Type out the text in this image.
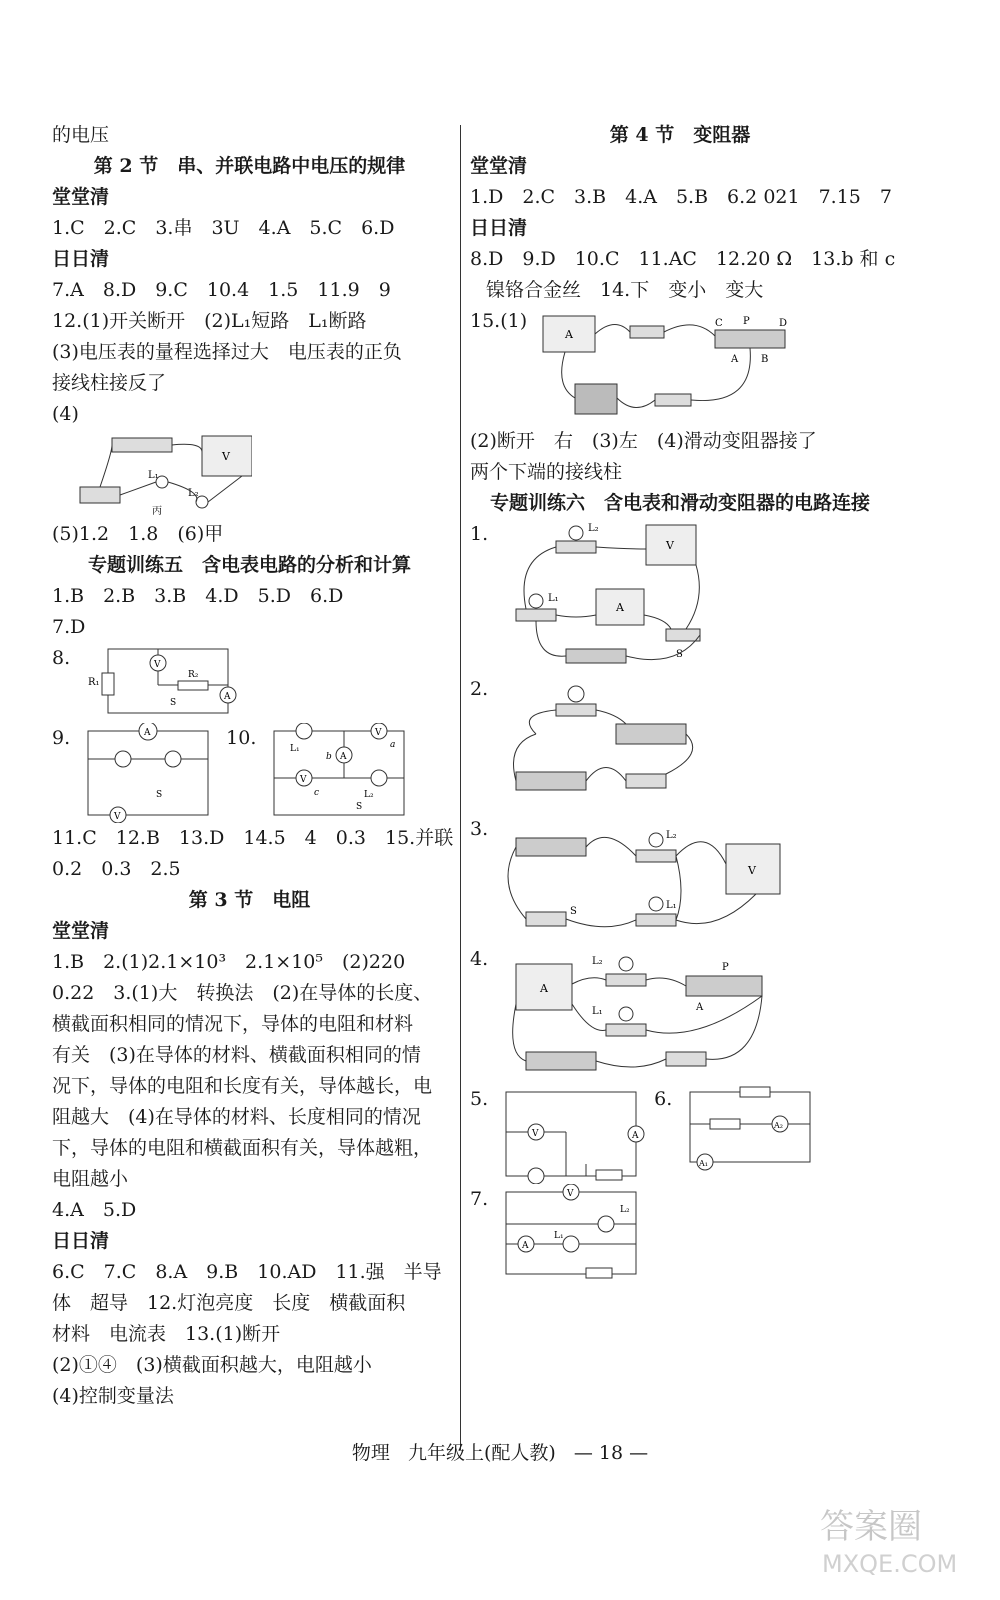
的电压
第 2 节　串、并联电路中电压的规律
堂堂清
1.C　2.C　3.串　3U　4.A　5.C　6.D
日日清
7.A　8.D　9.C　10.4　1.5　11.9　9
12.(1)开关断开　(2)L₁短路　L₁断路
(3)电压表的量程选择过大　电压表的正负
接线柱接反了
(4)
V
L₁
L₂
丙
(5)1.2　1.8　(6)甲
专题训练五　含电表电路的分析和计算
1.B　2.B　3.B　4.D　5.D　6.D
7.D
8.
R₁
V
R₂
A
S
9.	A
V
S
10.	L₁
V
a
A
b
V
c	L₂
S
11.C　12.B　13.D　14.5　4　0.3　15.并联
0.2　0.3　2.5
第 3 节　电阻
堂堂清
1.B　2.(1)2.1×10³　2.1×10⁵　(2)220
0.22　3.(1)大　转换法　(2)在导体的长度、
横截面积相同的情况下，导体的电阻和材料
有关　(3)在导体的材料、横截面积相同的情
况下，导体的电阻和长度有关，导体越长，电
阻越大　(4)在导体的材料、长度相同的情况
下，导体的电阻和横截面积有关，导体越粗，
电阻越小
4.A　5.D
日日清
6.C　7.C　8.A　9.B　10.AD　11.强　半导
体　超导　12.灯泡亮度　长度　横截面积
材料　电流表　13.(1)断开
(2)①④　(3)横截面积越大，电阻越小
(4)控制变量法
第 4 节　变阻器
堂堂清
1.D　2.C　3.B　4.A　5.B　6.2 021　7.15　7
日日清
8.D　9.D　10.C　11.AC　12.20 Ω　13.b 和 c
镍铬合金丝　14.下　变小　变大
15.(1)
A
C P	D
A B
(2)断开　右　(3)左　(4)滑动变阻器接了
两个下端的接线柱
专题训练六　含电表和滑动变阻器的电路连接
1.	L₂
V
L₁
A
S
2.
3.	L₂
V
S
L₁
4.
A
L₂
L₁
P
A
5.
A
V
6.
A₂
A₁
7.	V
L₂
L₁
A
物理 九年级上(配人教) — 18 —
答案圈
MXQE.COM
